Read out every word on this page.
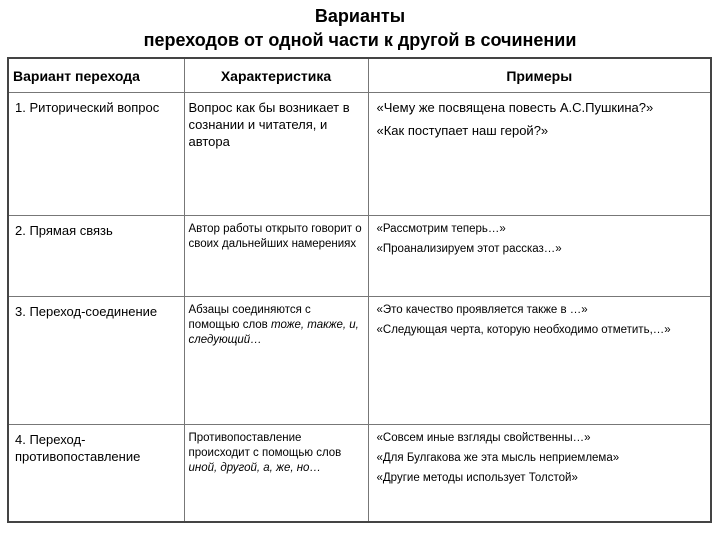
Варианты
переходов от одной части к другой в сочинении
Вариант перехода	Характеристика	Примеры
1. Риторический вопрос	Вопрос как бы возникает в сознании и читателя, и автора	«Чему же посвящена повесть А.С.Пушкина?»
«Как поступает наш герой?»

2. Прямая связь	Автор работы открыто говорит о своих дальнейших намерениях	«Рассмотрим теперь…»
«Проанализируем этот рассказ…»

3. Переход-соединение	Абзацы соединяются с помощью слов тоже, также, и, следующий…	«Это качество проявляется также в …»
«Следующая черта, которую необходимо отметить,…»

4. Переход-противопоставление	Противопоставление происходит с помощью слов иной, другой, а, же, но…	«Совсем иные взгляды свойственны…»
«Для Булгакова же эта мысль неприемлема»
«Другие методы использует Толстой»
